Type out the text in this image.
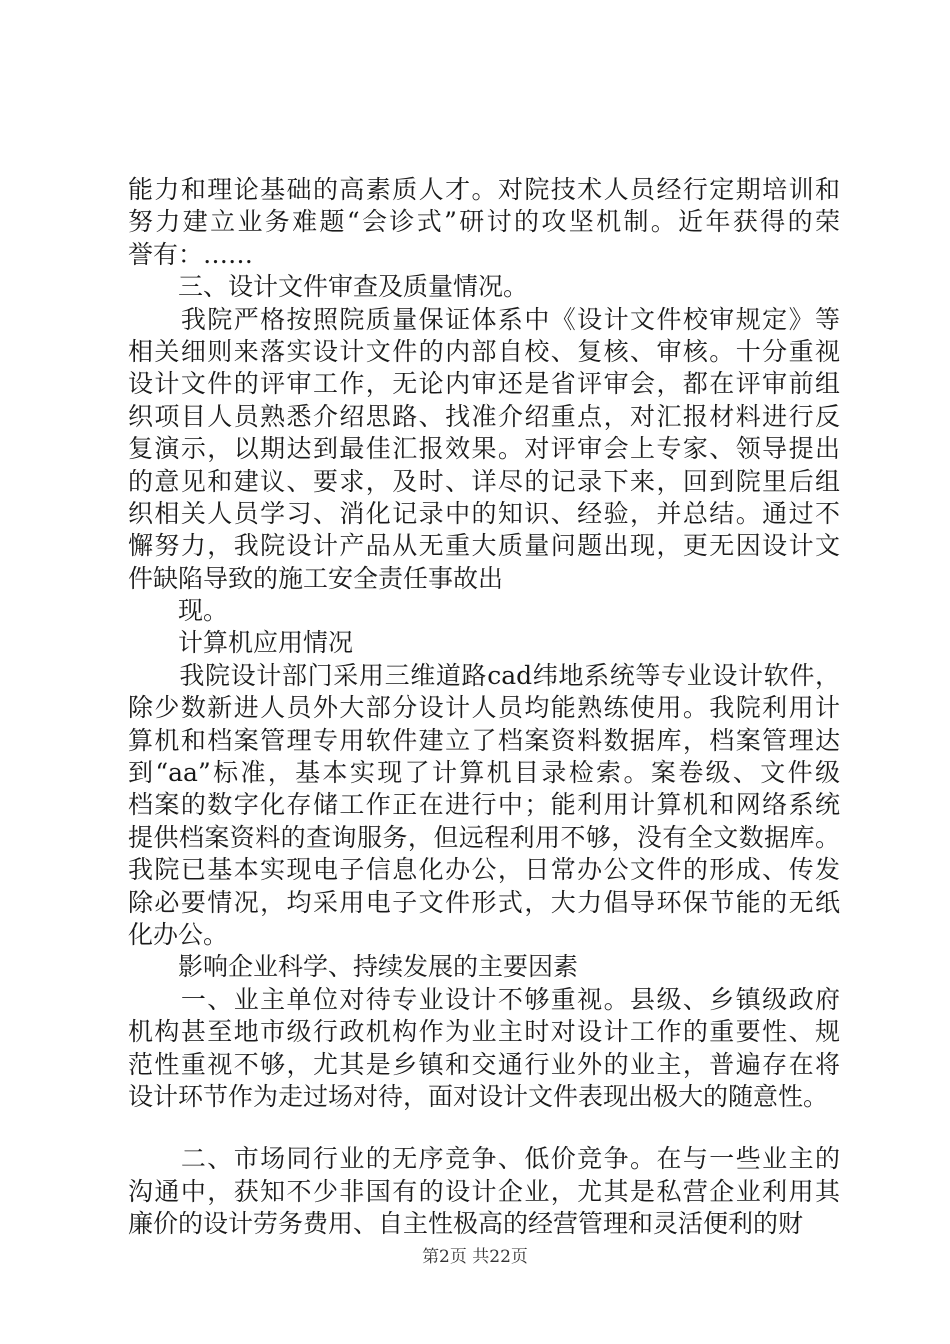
能力和理论基础的高素质人才。对院技术人员经行定期培训和
努力建立业务难题“会诊式”研讨的攻坚机制。近年获得的荣
誉有：……
　　三、设计文件审查及质量情况。
　　我院严格按照院质量保证体系中《设计文件校审规定》等
相关细则来落实设计文件的内部自校、复核、审核。十分重视
设计文件的评审工作，无论内审还是省评审会，都在评审前组
织项目人员熟悉介绍思路、找准介绍重点，对汇报材料进行反
复演示，以期达到最佳汇报效果。对评审会上专家、领导提出
的意见和建议、要求，及时、详尽的记录下来，回到院里后组
织相关人员学习、消化记录中的知识、经验，并总结。通过不
懈努力，我院设计产品从无重大质量问题出现，更无因设计文
件缺陷导致的施工安全责任事故出
　　现。
　　计算机应用情况
　　我院设计部门采用三维道路cad纬地系统等专业设计软件，
除少数新进人员外大部分设计人员均能熟练使用。我院利用计
算机和档案管理专用软件建立了档案资料数据库，档案管理达
到“aa”标准，基本实现了计算机目录检索。案卷级、文件级
档案的数字化存储工作正在进行中；能利用计算机和网络系统
提供档案资料的查询服务，但远程利用不够，没有全文数据库。
我院已基本实现电子信息化办公，日常办公文件的形成、传发
除必要情况，均采用电子文件形式，大力倡导环保节能的无纸
化办公。
　　影响企业科学、持续发展的主要因素
　　一、业主单位对待专业设计不够重视。县级、乡镇级政府
机构甚至地市级行政机构作为业主时对设计工作的重要性、规
范性重视不够，尤其是乡镇和交通行业外的业主，普遍存在将
设计环节作为走过场对待，面对设计文件表现出极大的随意性。
　　二、市场同行业的无序竞争、低价竞争。在与一些业主的
沟通中，获知不少非国有的设计企业，尤其是私营企业利用其
廉价的设计劳务费用、自主性极高的经营管理和灵活便利的财
第2页 共22页
